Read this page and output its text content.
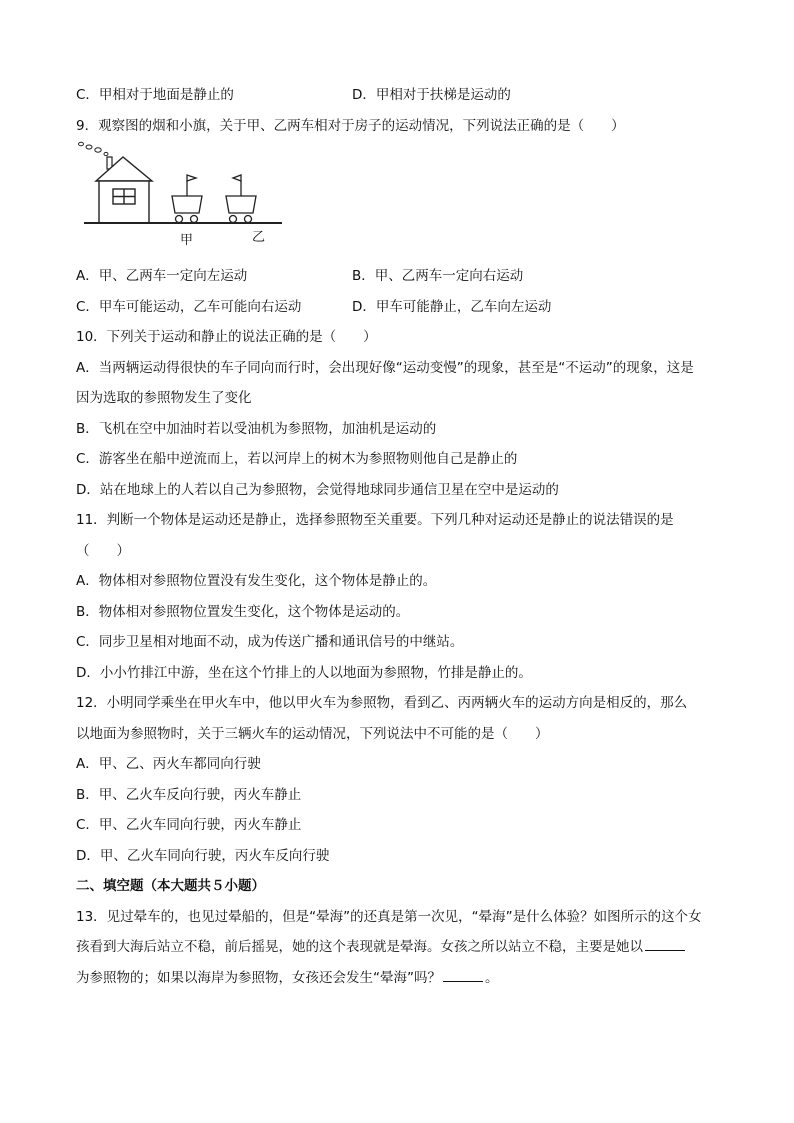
C．甲相对于地面是静止的	D．甲相对于扶梯是运动的
9．观察图的烟和小旗，关于甲、乙两车相对于房子的运动情况，下列说法正确的是（　　）
甲	乙
A．甲、乙两车一定向左运动	B．甲、乙两车一定向右运动
C．甲车可能运动，乙车可能向右运动	D．甲车可能静止，乙车向左运动
10．下列关于运动和静止的说法正确的是（　　）
A．当两辆运动得很快的车子同向而行时，会出现好像“运动变慢”的现象，甚至是“不运动”的现象，这是
因为选取的参照物发生了变化
B．飞机在空中加油时若以受油机为参照物，加油机是运动的
C．游客坐在船中逆流而上，若以河岸上的树木为参照物则他自己是静止的
D．站在地球上的人若以自己为参照物，会觉得地球同步通信卫星在空中是运动的
11．判断一个物体是运动还是静止，选择参照物至关重要。下列几种对运动还是静止的说法错误的是
（　　）
A．物体相对参照物位置没有发生变化，这个物体是静止的。
B．物体相对参照物位置发生变化，这个物体是运动的。
C．同步卫星相对地面不动，成为传送广播和通讯信号的中继站。
D．小小竹排江中游，坐在这个竹排上的人以地面为参照物，竹排是静止的。
12．小明同学乘坐在甲火车中，他以甲火车为参照物，看到乙、丙两辆火车的运动方向是相反的，那么
以地面为参照物时，关于三辆火车的运动情况，下列说法中不可能的是（　　）
A．甲、乙、丙火车都同向行驶
B．甲、乙火车反向行驶，丙火车静止
C．甲、乙火车同向行驶，丙火车静止
D．甲、乙火车同向行驶，丙火车反向行驶
二、填空题（本大题共５小题）
13．见过晕车的，也见过晕船的，但是“晕海”的还真是第一次见，“晕海”是什么体验？如图所示的这个女
孩看到大海后站立不稳，前后摇晃，她的这个表现就是晕海。女孩之所以站立不稳，主要是她以
为参照物的；如果以海岸为参照物，女孩还会发生“晕海”吗？	。
